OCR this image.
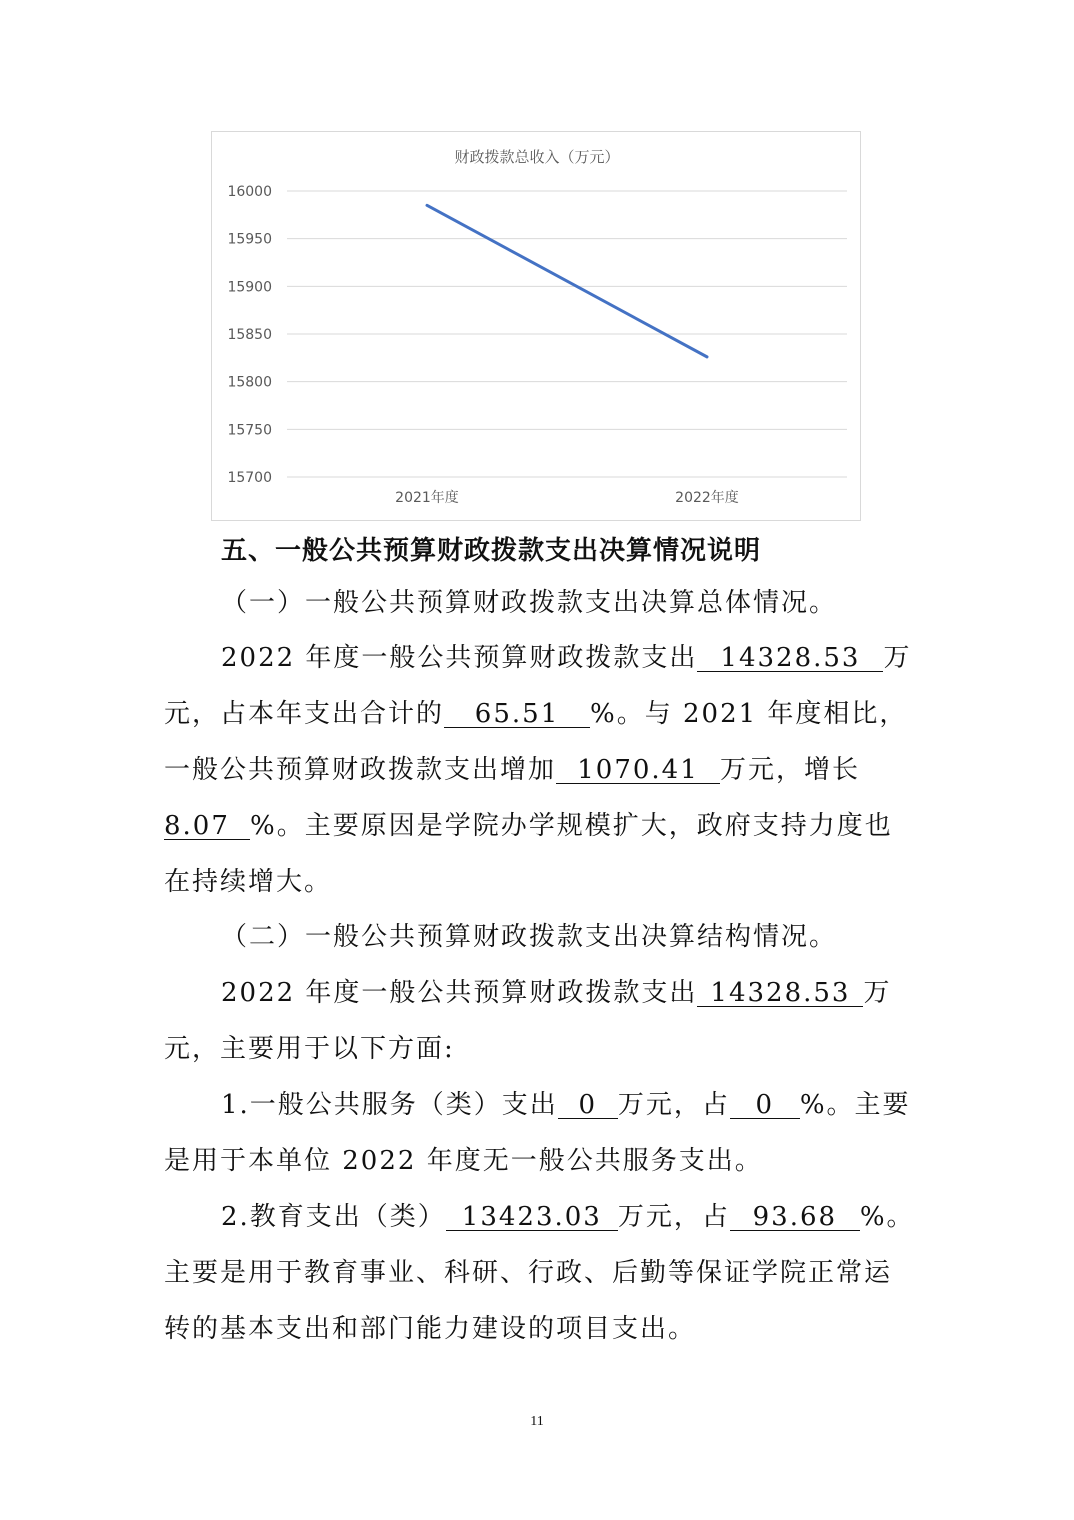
财政拨款总收入（万元）
16000
15950
15900
15850
15800
15750
15700
2021年度	2022年度
五、一般公共预算财政拨款支出决算情况说明
（一）一般公共预算财政拨款支出决算总体情况。
2022 年度一般公共预算财政拨款支出 14328.53 万
元，占本年支出合计的 65.51 %。与 2021 年度相比，
一般公共预算财政拨款支出增加 1070.41 万元，增长
8.07 %。主要原因是学院办学规模扩大，政府支持力度也
在持续增大。
（二）一般公共预算财政拨款支出决算结构情况。
2022 年度一般公共预算财政拨款支出 14328.53 万
元，主要用于以下方面:
1.一般公共服务（类）支出 0 万元，占 0 %。主要
是用于本单位 2022 年度无一般公共服务支出。
2.教育支出（类） 13423.03 万元，占 93.68 %。
主要是用于教育事业、科研、行政、后勤等保证学院正常运
转的基本支出和部门能力建设的项目支出。
11
